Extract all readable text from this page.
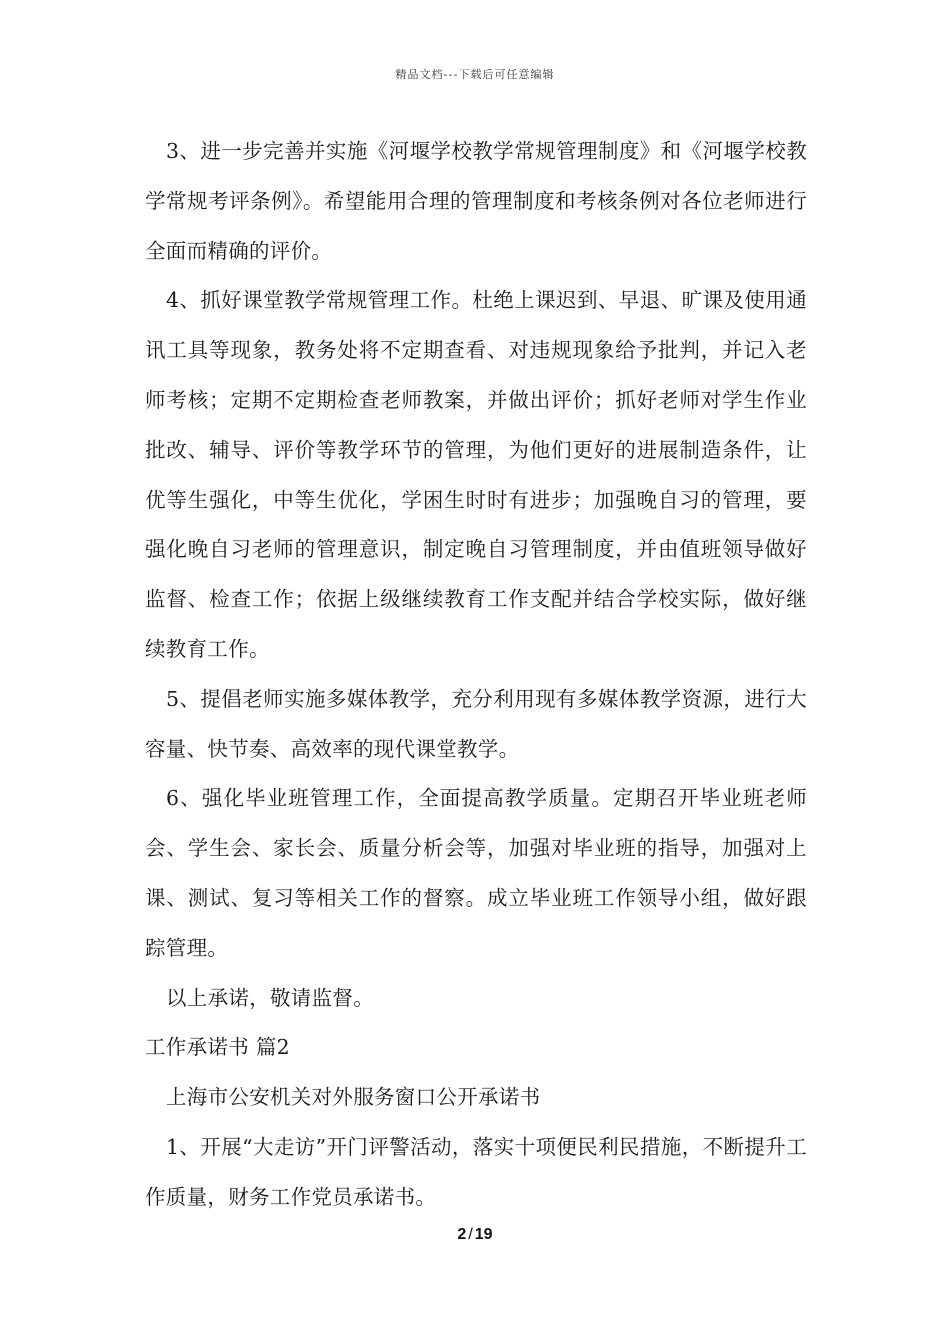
精品文档---下载后可任意编辑

3、进一步完善并实施《河堰学校教学常规管理制度》和《河堰学校教学常规考评条例》。希望能用合理的管理制度和考核条例对各位老师进行全面而精确的评价。

4、抓好课堂教学常规管理工作。杜绝上课迟到、早退、旷课及使用通讯工具等现象，教务处将不定期查看、对违规现象给予批判，并记入老师考核；定期不定期检查老师教案，并做出评价；抓好老师对学生作业批改、辅导、评价等教学环节的管理，为他们更好的进展制造条件，让优等生强化，中等生优化，学困生时时有进步；加强晚自习的管理，要强化晚自习老师的管理意识，制定晚自习管理制度，并由值班领导做好监督、检查工作；依据上级继续教育工作支配并结合学校实际，做好继续教育工作。

5、提倡老师实施多媒体教学，充分利用现有多媒体教学资源，进行大容量、快节奏、高效率的现代课堂教学。

6、强化毕业班管理工作，全面提高教学质量。定期召开毕业班老师会、学生会、家长会、质量分析会等，加强对毕业班的指导，加强对上课、测试、复习等相关工作的督察。成立毕业班工作领导小组，做好跟踪管理。

以上承诺，敬请监督。

工作承诺书 篇2

上海市公安机关对外服务窗口公开承诺书

1、开展“大走访”开门评警活动，落实十项便民利民措施，不断提升工作质量，财务工作党员承诺书。

2 / 19
